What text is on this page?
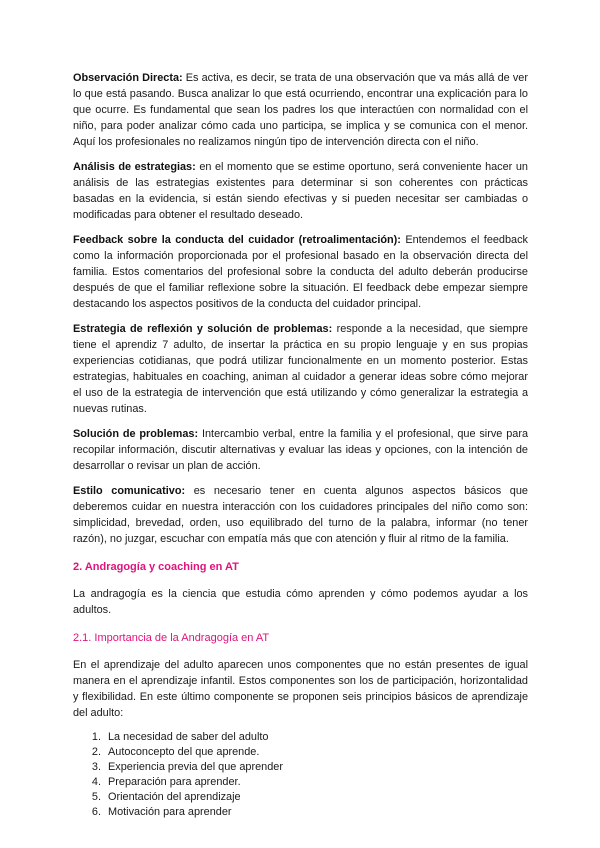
Observación Directa: Es activa, es decir, se trata de una observación que va más allá de ver lo que está pasando. Busca analizar lo que está ocurriendo, encontrar una explicación para lo que ocurre. Es fundamental que sean los padres los que interactúen con normalidad con el niño, para poder analizar cómo cada uno participa, se implica y se comunica con el menor. Aquí los profesionales no realizamos ningún tipo de intervención directa con el niño.

Análisis de estrategias: en el momento que se estime oportuno, será conveniente hacer un análisis de las estrategias existentes para determinar si son coherentes con prácticas basadas en la evidencia, si están siendo efectivas y si pueden necesitar ser cambiadas o modificadas para obtener el resultado deseado.

Feedback sobre la conducta del cuidador (retroalimentación): Entendemos el feedback como la información proporcionada por el profesional basado en la observación directa del familia. Estos comentarios del profesional sobre la conducta del adulto deberán producirse después de que el familiar reflexione sobre la situación. El feedback debe empezar siempre destacando los aspectos positivos de la conducta del cuidador principal.

Estrategia de reflexión y solución de problemas: responde a la necesidad, que siempre tiene el aprendiz 7 adulto, de insertar la práctica en su propio lenguaje y en sus propias experiencias cotidianas, que podrá utilizar funcionalmente en un momento posterior. Estas estrategias, habituales en coaching, animan al cuidador a generar ideas sobre cómo mejorar el uso de la estrategia de intervención que está utilizando y cómo generalizar la estrategia a nuevas rutinas.

Solución de problemas: Intercambio verbal, entre la familia y el profesional, que sirve para recopilar información, discutir alternativas y evaluar las ideas y opciones, con la intención de desarrollar o revisar un plan de acción.

Estilo comunicativo: es necesario tener en cuenta algunos aspectos básicos que deberemos cuidar en nuestra interacción con los cuidadores principales del niño como son: simplicidad, brevedad, orden, uso equilibrado del turno de la palabra, informar (no tener razón), no juzgar, escuchar con empatía más que con atención y fluir al ritmo de la familia.

2. Andragogía y coaching en AT

La andragogía es la ciencia que estudia cómo aprenden y cómo podemos ayudar a los adultos.

2.1. Importancia de la Andragogía en AT

En el aprendizaje del adulto aparecen unos componentes que no están presentes de igual manera en el aprendizaje infantil. Estos componentes son los de participación, horizontalidad y flexibilidad. En este último componente se proponen seis principios básicos de aprendizaje del adulto:

1. La necesidad de saber del adulto
2. Autoconcepto del que aprende.
3. Experiencia previa del que aprender
4. Preparación para aprender.
5. Orientación del aprendizaje
6. Motivación para aprender
